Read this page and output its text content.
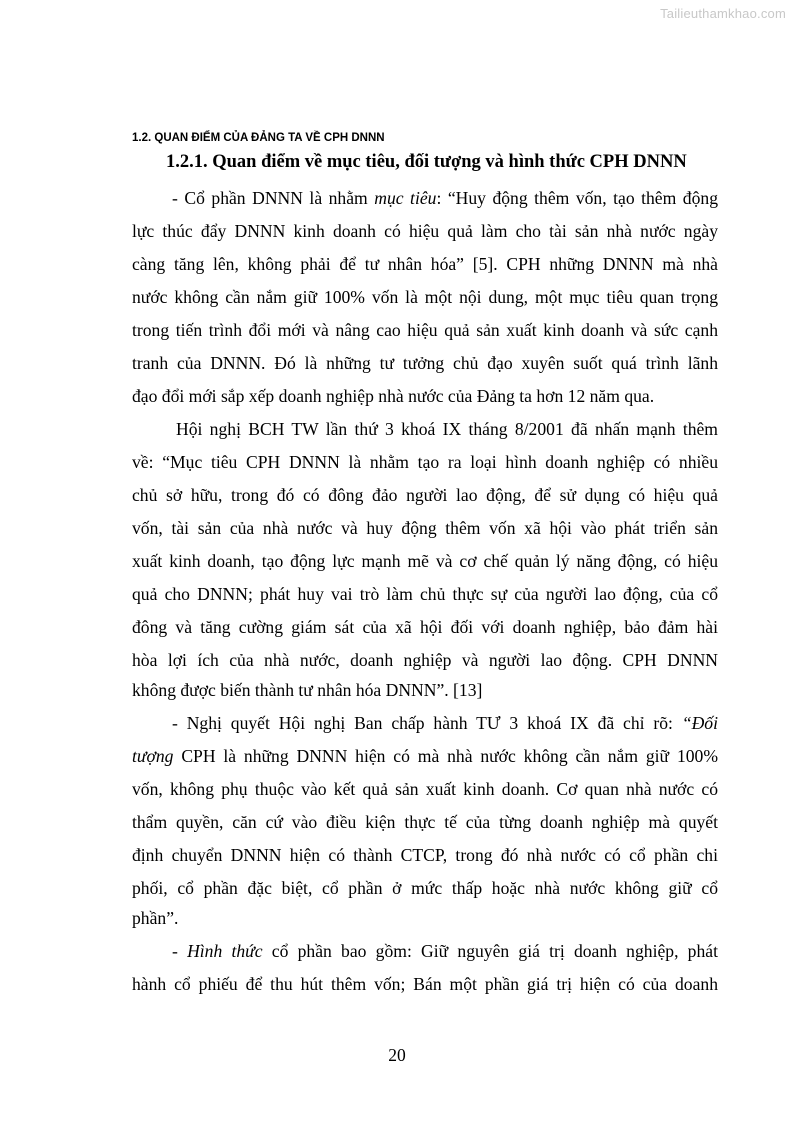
Tailieuthamkhao.com
1.2. QUAN ĐIỂM CỦA ĐẢNG TA VỀ CPH DNNN
1.2.1. Quan điểm về mục tiêu, đối tượng và hình thức CPH DNNN
- Cổ phần DNNN là nhằm mục tiêu: “Huy động thêm vốn, tạo thêm động
lực thúc đẩy DNNN kinh doanh có hiệu quả làm cho tài sản nhà nước ngày
càng tăng lên, không phải để tư nhân hóa” [5]. CPH những DNNN mà nhà
nước không cần nắm giữ 100% vốn là một nội dung, một mục tiêu quan trọng
trong tiến trình đổi mới và nâng cao hiệu quả sản xuất kinh doanh và sức cạnh
tranh của DNNN. Đó là những tư tưởng chủ đạo xuyên suốt quá trình lãnh
đạo đổi mới sắp xếp doanh nghiệp nhà nước của Đảng ta hơn 12 năm qua.
Hội nghị BCH TW lần thứ 3 khoá IX tháng 8/2001 đã nhấn mạnh thêm
về: “Mục tiêu CPH DNNN là nhằm tạo ra loại hình doanh nghiệp có nhiều
chủ sở hữu, trong đó có đông đảo người lao động, để sử dụng có hiệu quả
vốn, tài sản của nhà nước và huy động thêm vốn xã hội vào phát triển sản
xuất kinh doanh, tạo động lực mạnh mẽ và cơ chế quản lý năng động, có hiệu
quả cho DNNN; phát huy vai trò làm chủ thực sự của người lao động, của cổ
đông và tăng cường giám sát của xã hội đối với doanh nghiệp, bảo đảm hài
hòa lợi ích của nhà nước, doanh nghiệp và người lao động. CPH DNNN
không được biến thành tư nhân hóa DNNN”. [13]
- Nghị quyết Hội nghị Ban chấp hành TƯ 3 khoá IX đã chỉ rõ: “Đối
tượng CPH là những DNNN hiện có mà nhà nước không cần nắm giữ 100%
vốn, không phụ thuộc vào kết quả sản xuất kinh doanh. Cơ quan nhà nước có
thẩm quyền, căn cứ vào điều kiện thực tế của từng doanh nghiệp mà quyết
định chuyển DNNN hiện có thành CTCP, trong đó nhà nước có cổ phần chi
phối, cổ phần đặc biệt, cổ phần ở mức thấp hoặc nhà nước không giữ cổ
phần”.
- Hình thức cổ phần bao gồm: Giữ nguyên giá trị doanh nghiệp, phát
hành cổ phiếu để thu hút thêm vốn; Bán một phần giá trị hiện có của doanh
20
